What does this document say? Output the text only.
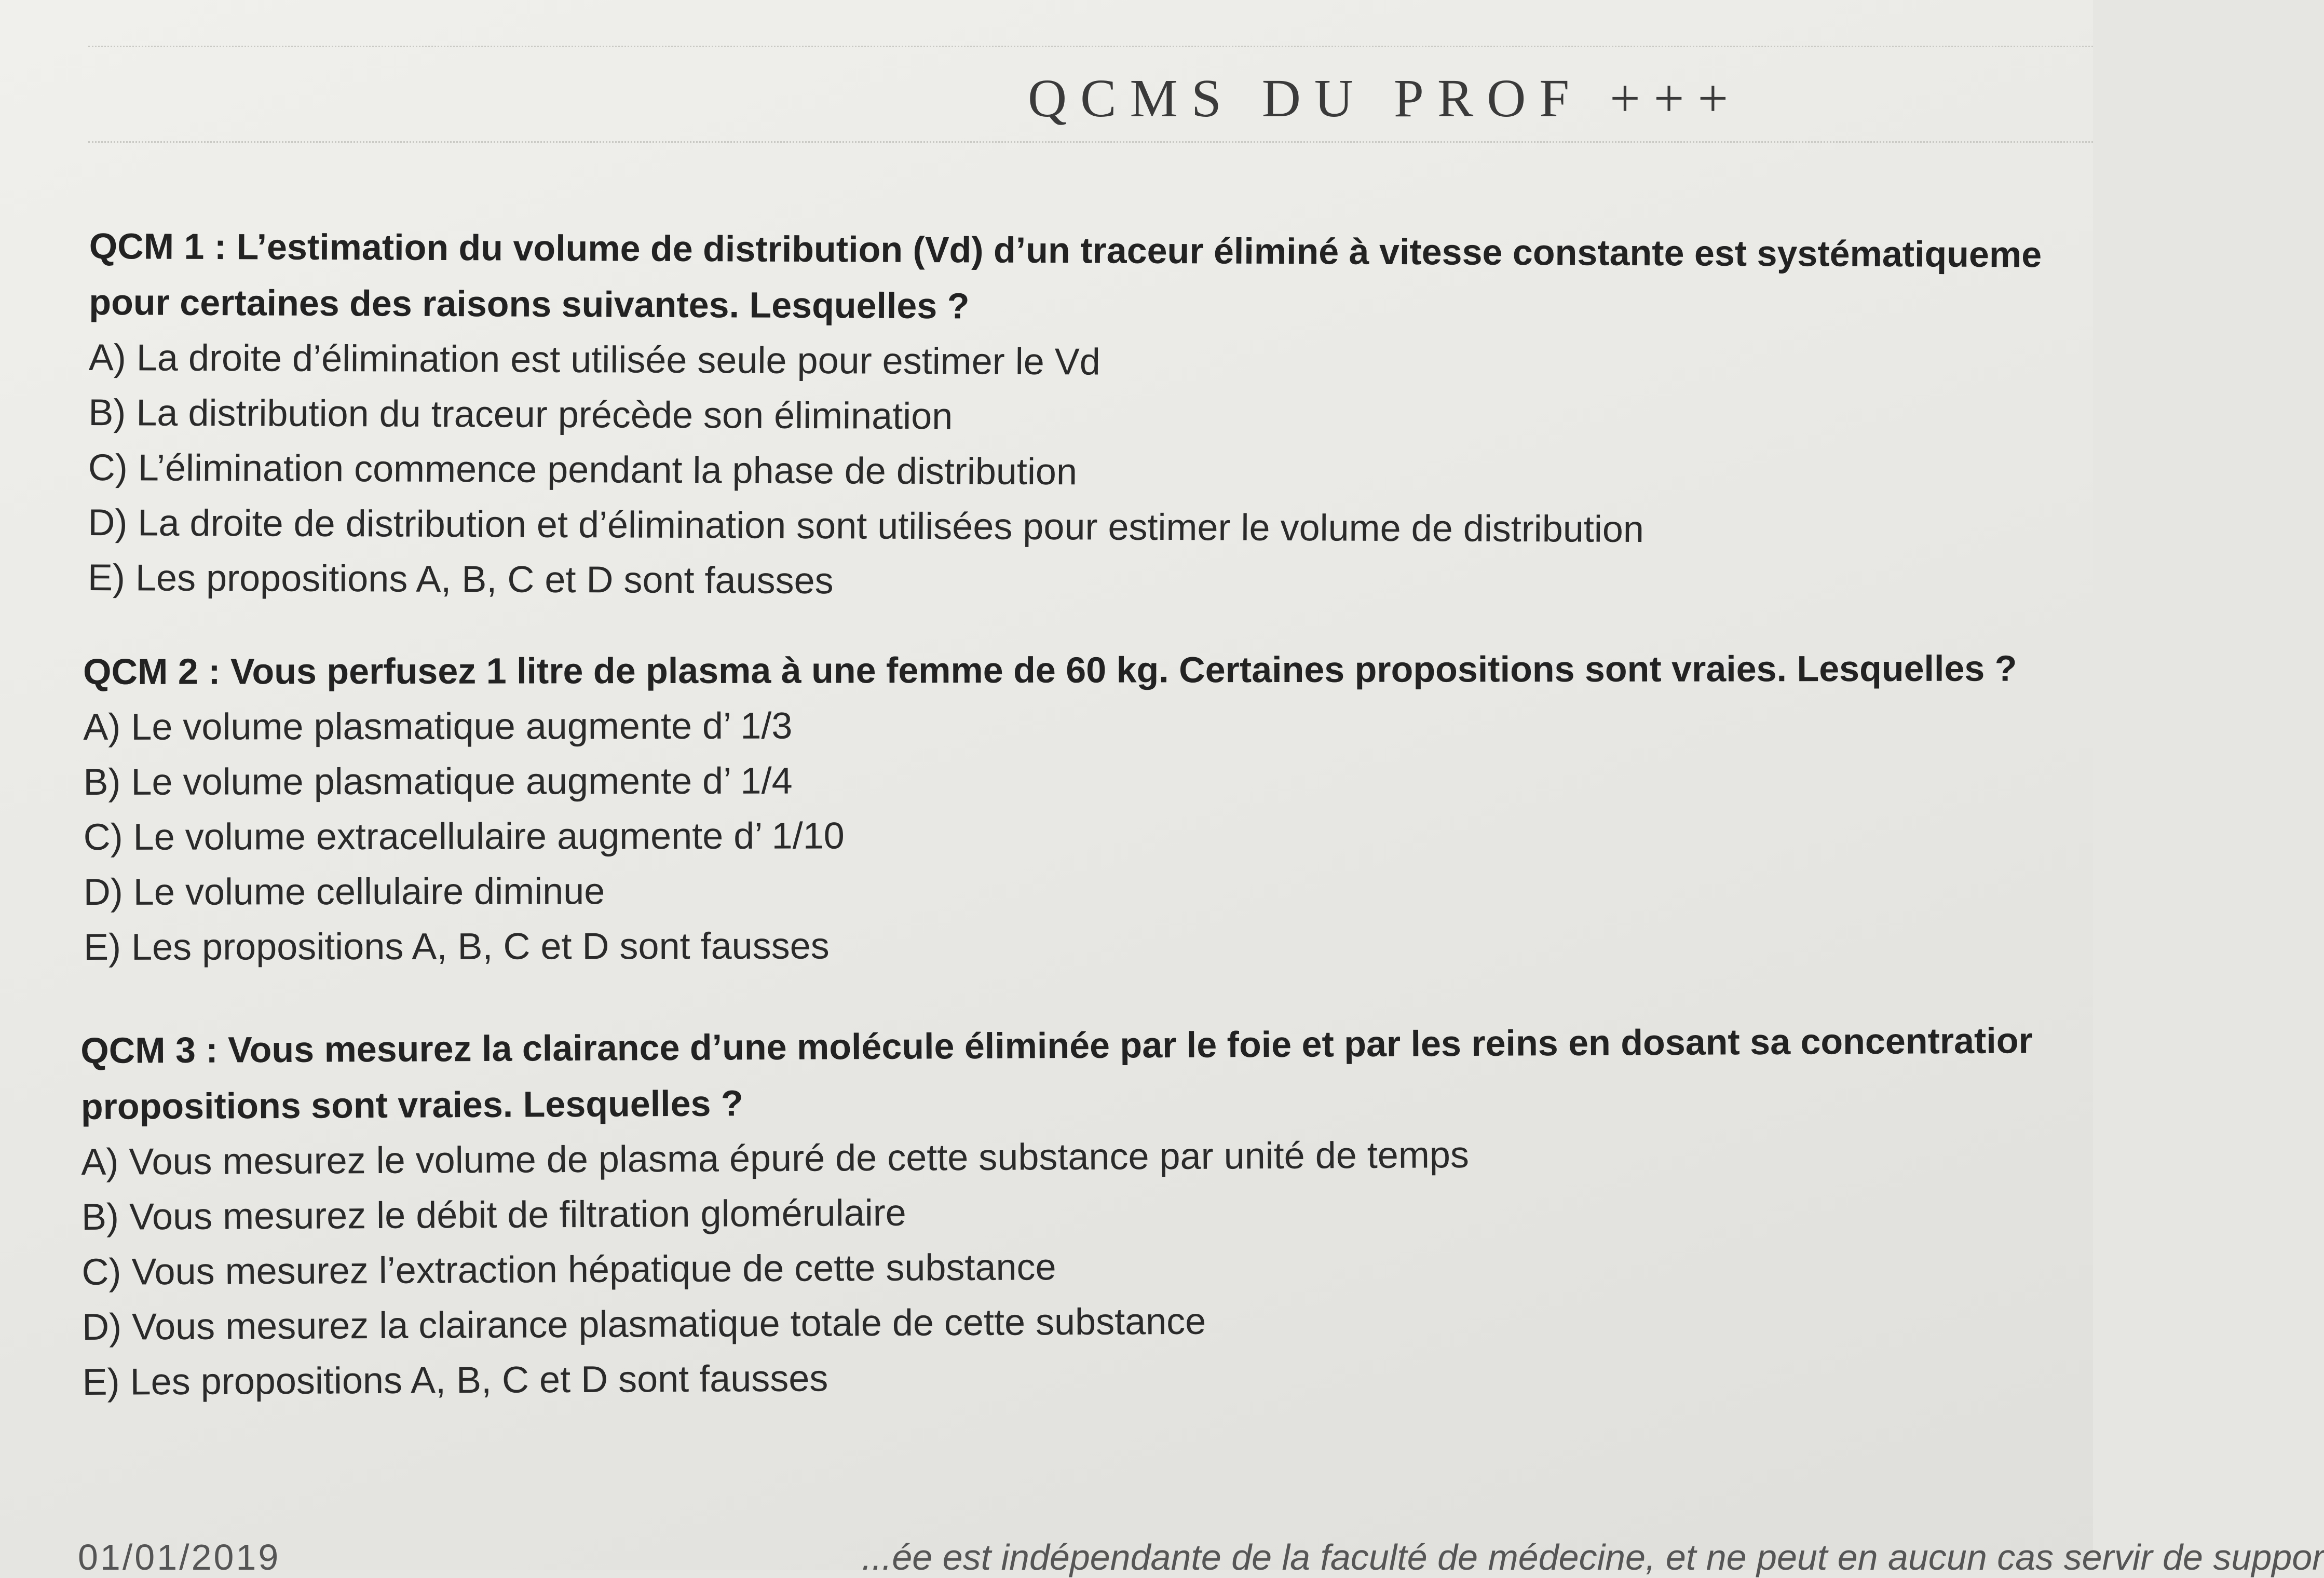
QCMS DU PROF +++

QCM 1 : L’estimation du volume de distribution (Vd) d’un traceur éliminé à vitesse constante est systématiqueme

pour certaines des raisons suivantes. Lesquelles ?

A) La droite d’élimination est utilisée seule pour estimer le Vd
B) La distribution du traceur précède son élimination
C) L’élimination commence pendant la phase de distribution
D) La droite de distribution et d’élimination sont utilisées pour estimer le volume de distribution
E) Les propositions A, B, C et D sont fausses

QCM 2 : Vous perfusez 1 litre de plasma à une femme de 60 kg. Certaines propositions sont vraies. Lesquelles ?

A) Le volume plasmatique augmente d’ 1/3
B) Le volume plasmatique augmente d’ 1/4
C) Le volume extracellulaire augmente d’ 1/10
D) Le volume cellulaire diminue
E) Les propositions A, B, C et D sont fausses

QCM 3 : Vous mesurez la clairance d’une molécule éliminée par le foie et par les reins en dosant sa concentratior

propositions sont vraies. Lesquelles ?

A) Vous mesurez le volume de plasma épuré de cette substance par unité de temps
B) Vous mesurez le débit de filtration glomérulaire
C) Vous mesurez l’extraction hépatique de cette substance
D) Vous mesurez la clairance plasmatique totale de cette substance
E) Les propositions A, B, C et D sont fausses
01/01/2019	...ée est indépendante de la faculté de médecine, et ne peut en aucun cas servir de suppor
